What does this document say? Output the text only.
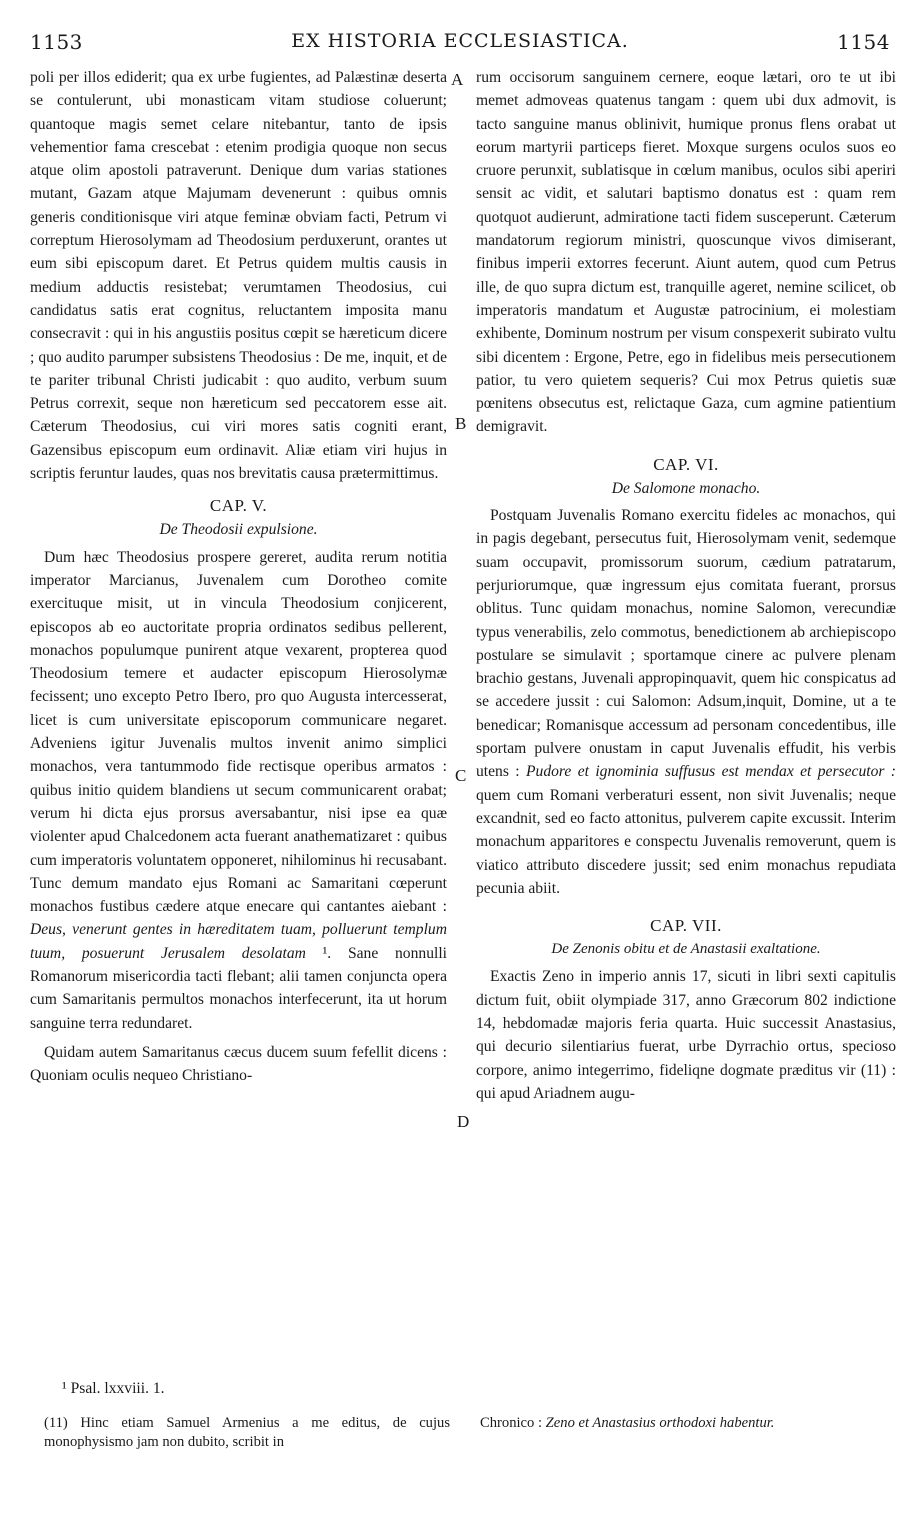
1153	EX HISTORIA ECCLESIASTICA.	1154
A
B
C
D

poli per illos ediderit; qua ex urbe fugientes, ad Palæstinæ deserta se contulerunt, ubi monasticam vitam studiose coluerunt; quantoque magis semet celare nitebantur, tanto de ipsis vehementior fama crescebat : etenim prodigia quoque non secus atque olim apostoli patraverunt. Denique dum varias stationes mutant, Gazam atque Majumam devenerunt : quibus omnis generis conditionisque viri atque feminæ obviam facti, Petrum vi correptum Hierosolymam ad Theodosium perduxerunt, orantes ut eum sibi episcopum daret. Et Petrus quidem multis causis in medium adductis resistebat; verumtamen Theodosius, cui candidatus satis erat cognitus, reluctantem imposita manu consecravit : qui in his angustiis positus cœpit se hæreticum dicere ; quo audito parumper subsistens Theodosius : De me, inquit, et de te pariter tribunal Christi judicabit : quo audito, verbum suum Petrus correxit, seque non hæreticum sed peccatorem esse ait. Cæterum Theodosius, cui viri mores satis cogniti erant, Gazensibus episcopum eum ordinavit. Aliæ etiam viri hujus in scriptis feruntur laudes, quas nos brevitatis causa prætermittimus.

CAP. V.
De Theodosii expulsione.

Dum hæc Theodosius prospere gereret, audita rerum notitia imperator Marcianus, Juvenalem cum Dorotheo comite exercituque misit, ut in vincula Theodosium conjicerent, episcopos ab eo auctoritate propria ordinatos sedibus pellerent, monachos populumque punirent atque vexarent, propterea quod Theodosium temere et audacter episcopum Hierosolymæ fecissent; uno excepto Petro Ibero, pro quo Augusta intercesserat, licet is cum universitate episcoporum communicare negaret. Adveniens igitur Juvenalis multos invenit animo simplici monachos, vera tantummodo fide rectisque operibus armatos : quibus initio quidem blandiens ut secum communicarent orabat; verum hi dicta ejus prorsus aversabantur, nisi ipse ea quæ violenter apud Chalcedonem acta fuerant anathematizaret : quibus cum imperatoris voluntatem opponeret, nihilominus hi recusabant. Tunc demum mandato ejus Romani ac Samaritani cœperunt monachos fustibus cædere atque enecare qui cantantes aiebant : Deus, venerunt gentes in hæreditatem tuam, polluerunt templum tuum, posuerunt Jerusalem desolatam ¹. Sane nonnulli Romanorum misericordia tacti flebant; alii tamen conjuncta opera cum Samaritanis permultos monachos interfecerunt, ita ut horum sanguine terra redundaret.

Quidam autem Samaritanus cæcus ducem suum fefellit dicens : Quoniam oculis nequeo Christiano-

rum occisorum sanguinem cernere, eoque lætari, oro te ut ibi memet admoveas quatenus tangam : quem ubi dux admovit, is tacto sanguine manus oblinivit, humique pronus flens orabat ut eorum martyrii particeps fieret. Moxque surgens oculos suos eo cruore perunxit, sublatisque in cœlum manibus, oculos sibi aperiri sensit ac vidit, et salutari baptismo donatus est : quam rem quotquot audierunt, admiratione tacti fidem susceperunt. Cæterum mandatorum regiorum ministri, quoscunque vivos dimiserant, finibus imperii extorres fecerunt. Aiunt autem, quod cum Petrus ille, de quo supra dictum est, tranquille ageret, nemine scilicet, ob imperatoris mandatum et Augustæ patrocinium, ei molestiam exhibente, Dominum nostrum per visum conspexerit subirato vultu sibi dicentem : Ergone, Petre, ego in fidelibus meis persecutionem patior, tu vero quietem sequeris? Cui mox Petrus quietis suæ pœnitens obsecutus est, relictaque Gaza, cum agmine patientium demigravit.

CAP. VI.
De Salomone monacho.

Postquam Juvenalis Romano exercitu fideles ac monachos, qui in pagis degebant, persecutus fuit, Hierosolymam venit, sedemque suam occupavit, promissorum suorum, cædium patratarum, perjuriorumque, quæ ingressum ejus comitata fuerant, prorsus oblitus. Tunc quidam monachus, nomine Salomon, verecundiæ typus venerabilis, zelo commotus, benedictionem ab archiepiscopo postulare se simulavit ; sportamque cinere ac pulvere plenam brachio gestans, Juvenali appropinquavit, quem hic conspicatus ad se accedere jussit : cui Salomon: Adsum,inquit, Domine, ut a te benedicar; Romanisque accessum ad personam concedentibus, ille sportam pulvere onustam in caput Juvenalis effudit, his verbis utens : Pudore et ignominia suffusus est mendax et persecutor : quem cum Romani verberaturi essent, non sivit Juvenalis; neque excandnit, sed eo facto attonitus, pulverem capite excussit. Interim monachum apparitores e conspectu Juvenalis removerunt, quem is viatico attributo discedere jussit; sed enim monachus repudiata pecunia abiit.

CAP. VII.
De Zenonis obitu et de Anastasii exaltatione.

Exactis Zeno in imperio annis 17, sicuti in libri sexti capitulis dictum fuit, obiit olympiade 317, anno Græcorum 802 indictione 14, hebdomadæ majoris feria quarta. Huic successit Anastasius, qui decurio silentiarius fuerat, urbe Dyrrachio ortus, specioso corpore, animo integerrimo, fideliqne dogmate præditus vir (11) : qui apud Ariadnem augu-

¹ Psal. lxxviii. 1.
(11) Hinc etiam Samuel Armenius a me editus, de cujus monophysismo jam non dubito, scribit in
Chronico : Zeno et Anastasius orthodoxi habentur.
